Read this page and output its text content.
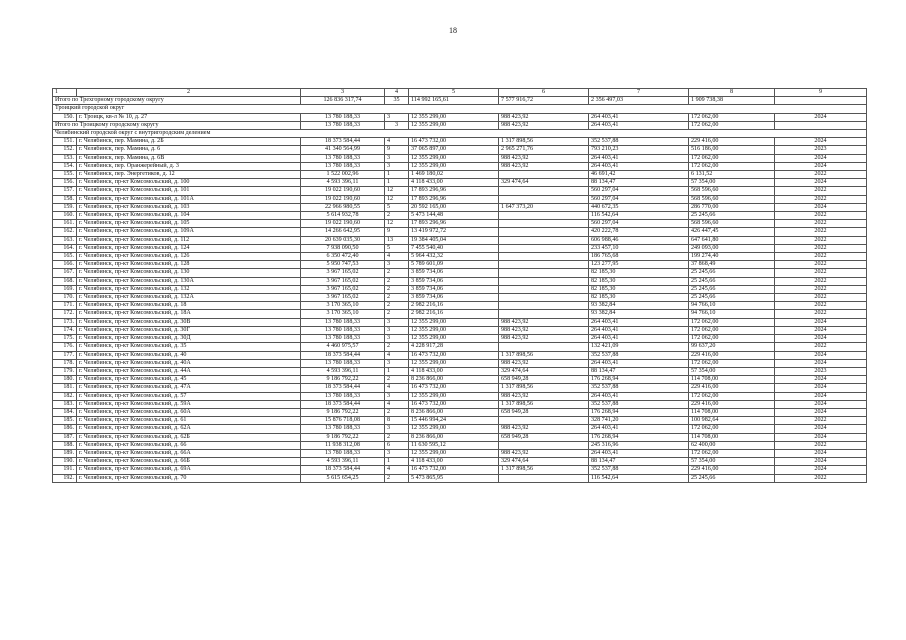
18
1	2	3	4	5	6	7	8	9
Итого по Трехгорному городскому округу		126 836 317,74	35	114 992 165,61	7 577 916,72	2 356 497,03	1 909 738,38	
Троицкий городской округ								
150.	г. Троицк, кв-л № 10, д. 27	13 780 188,33	3	12 355 299,00	988 423,92	264 403,41	172 062,00	2024
Итого по Троицкому городскому округу		13 780 188,33	3	12 355 299,00	988 423,92	264 403,41	172 062,00	
Челябинский городской округ с внутригородским делением								
151.	г. Челябинск, пер. Мамина, д. 2Б	18 373 584,44	4	16 473 732,00	1 317 898,56	352 537,88	229 416,00	2024
152.	г. Челябинск, пер. Мамина, д. 6	41 340 564,99	9	37 065 897,00	2 965 271,76	793 210,23	516 186,00	2023
153.	г. Челябинск, пер. Мамина, д. 6В	13 780 188,33	3	12 355 299,00	988 423,92	264 403,41	172 062,00	2024
154.	г. Челябинск, пер. Оранжерейный, д. 3	13 780 188,33	3	12 355 299,00	988 423,92	264 403,41	172 062,00	2024
155.	г. Челябинск, пер. Энергетиков, д. 12	1 522 002,96	1	1 469 180,02		46 691,42	6 131,52	2022
156.	г. Челябинск, пр-кт Комсомольский, д. 100	4 593 396,11	1	4 118 433,00	329 474,64	88 134,47	57 354,00	2024
157.	г. Челябинск, пр-кт Комсомольский, д. 101	19 022 190,60	12	17 893 296,96		560 297,04	568 596,60	2022
158.	г. Челябинск, пр-кт Комсомольский, д. 101А	19 022 190,60	12	17 893 296,96		560 297,04	568 596,60	2022
159.	г. Челябинск, пр-кт Комсомольский, д. 103	22 966 980,55	5	20 592 165,00	1 647 373,20	440 672,35	286 770,00	2024
160.	г. Челябинск, пр-кт Комсомольский, д. 104	5 614 932,78	2	5 473 144,48		116 542,64	25 245,66	2022
161.	г. Челябинск, пр-кт Комсомольский, д. 105	19 022 190,60	12	17 893 296,96		560 297,04	568 596,60	2022
162.	г. Челябинск, пр-кт Комсомольский, д. 109А	14 266 642,95	9	13 419 972,72		420 222,78	426 447,45	2022
163.	г. Челябинск, пр-кт Комсомольский, д. 112	20 639 035,30	13	19 384 405,04		606 988,46	647 641,80	2022
164.	г. Челябинск, пр-кт Комсомольский, д. 124	7 938 090,50	5	7 455 540,40		233 457,10	249 093,00	2022
165.	г. Челябинск, пр-кт Комсомольский, д. 126	6 350 472,40	4	5 964 432,32		186 765,68	199 274,40	2022
166.	г. Челябинск, пр-кт Комсомольский, д. 128	5 950 747,53	3	5 789 601,09		123 277,95	37 868,49	2022
167.	г. Челябинск, пр-кт Комсомольский, д. 130	3 967 165,02	2	3 859 734,06		82 185,30	25 245,66	2022
168.	г. Челябинск, пр-кт Комсомольский, д. 130А	3 967 165,02	2	3 859 734,06		82 185,30	25 245,66	2022
169.	г. Челябинск, пр-кт Комсомольский, д. 132	3 967 165,02	2	3 859 734,06		82 185,30	25 245,66	2022
170.	г. Челябинск, пр-кт Комсомольский, д. 132А	3 967 165,02	2	3 859 734,06		82 185,30	25 245,66	2022
171.	г. Челябинск, пр-кт Комсомольский, д. 18	3 170 365,10	2	2 982 216,16		93 382,84	94 766,10	2022
172.	г. Челябинск, пр-кт Комсомольский, д. 18А	3 170 365,10	2	2 982 216,16		93 382,84	94 766,10	2022
173.	г. Челябинск, пр-кт Комсомольский, д. 30В	13 780 188,33	3	12 355 299,00	988 423,92	264 403,41	172 062,00	2024
174.	г. Челябинск, пр-кт Комсомольский, д. 30Г	13 780 188,33	3	12 355 299,00	988 423,92	264 403,41	172 062,00	2024
175.	г. Челябинск, пр-кт Комсомольский, д. 30Д	13 780 188,33	3	12 355 299,00	988 423,92	264 403,41	172 062,00	2024
176.	г. Челябинск, пр-кт Комсомольский, д. 35	4 460 975,57	2	4 228 917,28		132 421,09	99 637,20	2022
177.	г. Челябинск, пр-кт Комсомольский, д. 40	18 373 584,44	4	16 473 732,00	1 317 898,56	352 537,88	229 416,00	2024
178.	г. Челябинск, пр-кт Комсомольский, д. 40А	13 780 188,33	3	12 355 299,00	988 423,92	264 403,41	172 062,00	2024
179.	г. Челябинск, пр-кт Комсомольский, д. 44А	4 593 396,11	1	4 118 433,00	329 474,64	88 134,47	57 354,00	2023
180.	г. Челябинск, пр-кт Комсомольский, д. 45	9 186 792,22	2	8 236 866,00	658 949,28	176 268,94	114 708,00	2024
181.	г. Челябинск, пр-кт Комсомольский, д. 47А	18 373 584,44	4	16 473 732,00	1 317 898,56	352 537,88	229 416,00	2024
182.	г. Челябинск, пр-кт Комсомольский, д. 57	13 780 188,33	3	12 355 299,00	988 423,92	264 403,41	172 062,00	2024
183.	г. Челябинск, пр-кт Комсомольский, д. 59А	18 373 584,44	4	16 473 732,00	1 317 898,56	352 537,88	229 416,00	2024
184.	г. Челябинск, пр-кт Комсомольский, д. 60А	9 186 792,22	2	8 236 866,00	658 949,28	176 268,94	114 708,00	2024
185.	г. Челябинск, пр-кт Комсомольский, д. 61	15 876 718,08	8	15 446 994,24		328 741,20	100 982,64	2022
186.	г. Челябинск, пр-кт Комсомольский, д. 62А	13 780 188,33	3	12 355 299,00	988 423,92	264 403,41	172 062,00	2024
187.	г. Челябинск, пр-кт Комсомольский, д. 62Б	9 186 792,22	2	8 236 866,00	658 949,28	176 268,94	114 708,00	2024
188.	г. Челябинск, пр-кт Комсомольский, д. 66	11 938 312,08	6	11 630 595,12		245 316,96	62 400,00	2022
189.	г. Челябинск, пр-кт Комсомольский, д. 66А	13 780 188,33	3	12 355 299,00	988 423,92	264 403,41	172 062,00	2024
190.	г. Челябинск, пр-кт Комсомольский, д. 66Б	4 593 396,11	1	4 118 433,00	329 474,64	88 134,47	57 354,00	2024
191.	г. Челябинск, пр-кт Комсомольский, д. 69А	18 373 584,44	4	16 473 732,00	1 317 898,56	352 537,88	229 416,00	2024
192.	г. Челябинск, пр-кт Комсомольский, д. 70	5 615 654,25	2	5 473 865,95		116 542,64	25 245,66	2022
